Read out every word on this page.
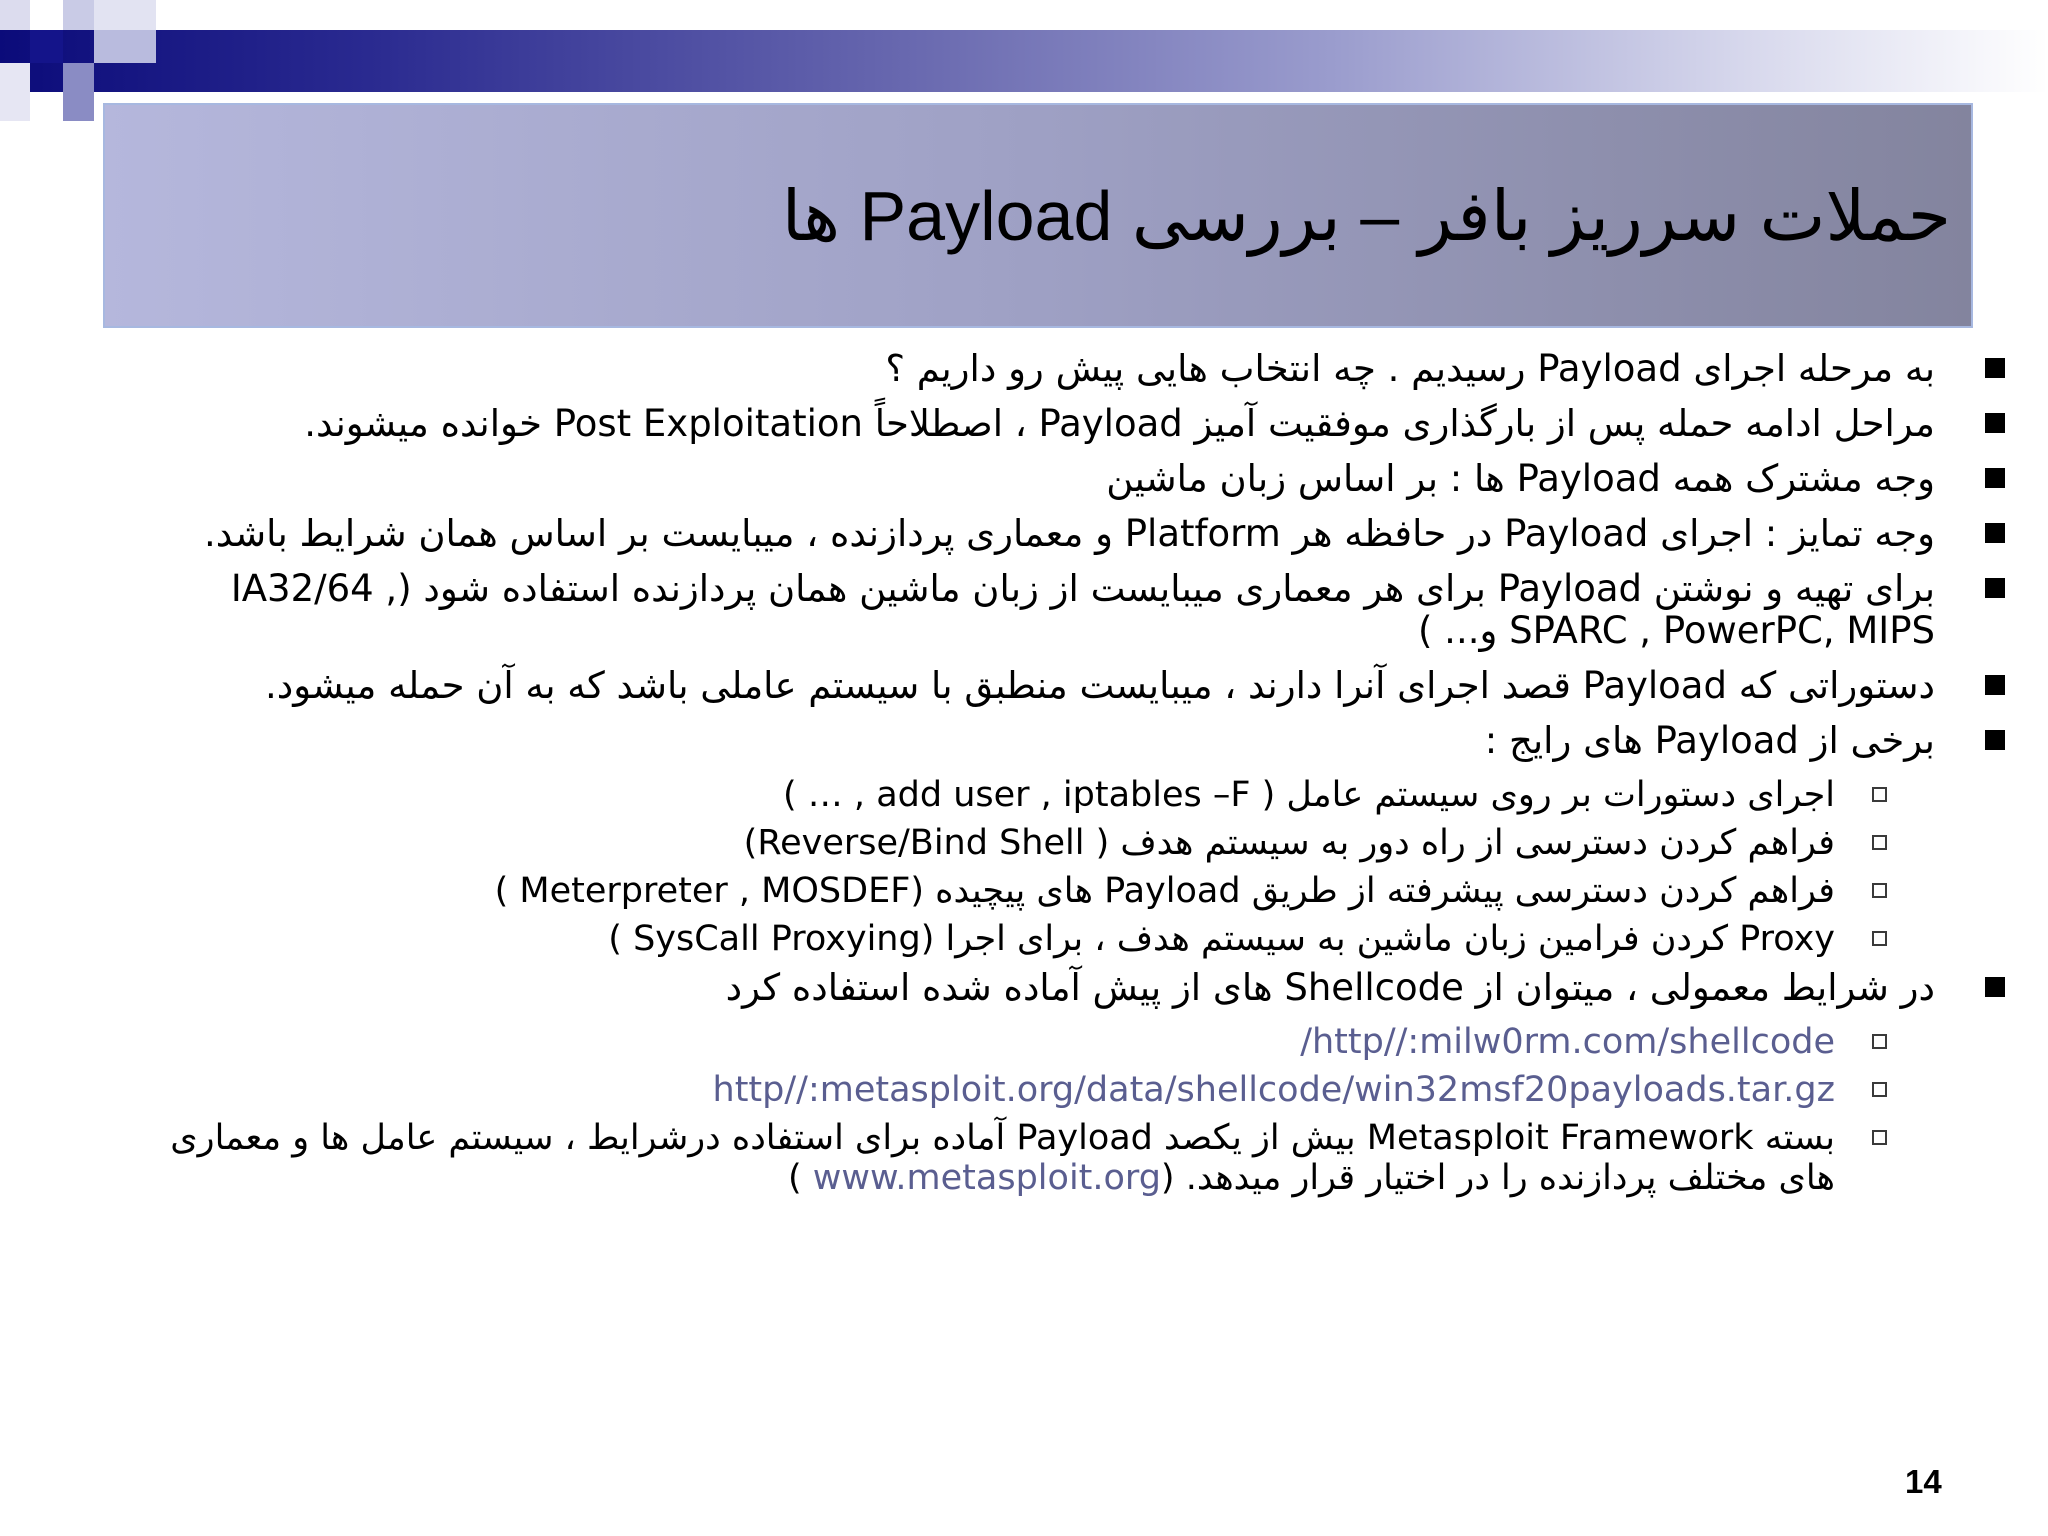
حملات سرریز بافر – بررسی Payload ها
به مرحله اجرای Payload رسیدیم . چه انتخاب هایی پیش رو داریم ؟
مراحل ادامه حمله پس از بارگذاری موفقیت آمیز Payload ، اصطلاحاً Post Exploitation خوانده میشوند.
وجه مشترک همه Payload ها : بر اساس زبان ماشین
وجه تمایز : اجرای Payload در حافظه هر Platform و معماری پردازنده ، میبایست بر اساس همان شرایط باشد.
برای تهیه و نوشتن Payload برای هر معماری میبایست از زبان ماشین همان پردازنده استفاده شود (IA32/64 , SPARC , PowerPC, MIPS و... )
دستوراتی که Payload قصد اجرای آنرا دارند ، میبایست منطبق با سیستم عاملی باشد که به آن حمله میشود.
برخی از Payload های رایج :
اجرای دستورات بر روی سیستم عامل ( add user , iptables –F , … )
فراهم کردن دسترسی از راه دور به سیستم هدف ( Reverse/Bind Shell)
فراهم کردن دسترسی پیشرفته از طریق Payload های پیچیده (Meterpreter , MOSDEF )
Proxy کردن فرامین زبان ماشین به سیستم هدف ، برای اجرا (SysCall Proxying )
در شرایط معمولی ، میتوان از Shellcode های از پیش آماده شده استفاده کرد
http//:milw0rm.com/shellcode/
http//:metasploit.org/data/shellcode/win32msf20payloads.tar.gz
بسته Metasploit Framework بیش از یکصد Payload آماده برای استفاده درشرایط ، سیستم عامل ها و معماری های مختلف پردازنده را در اختیار قرار میدهد. (www.metasploit.org )
14
